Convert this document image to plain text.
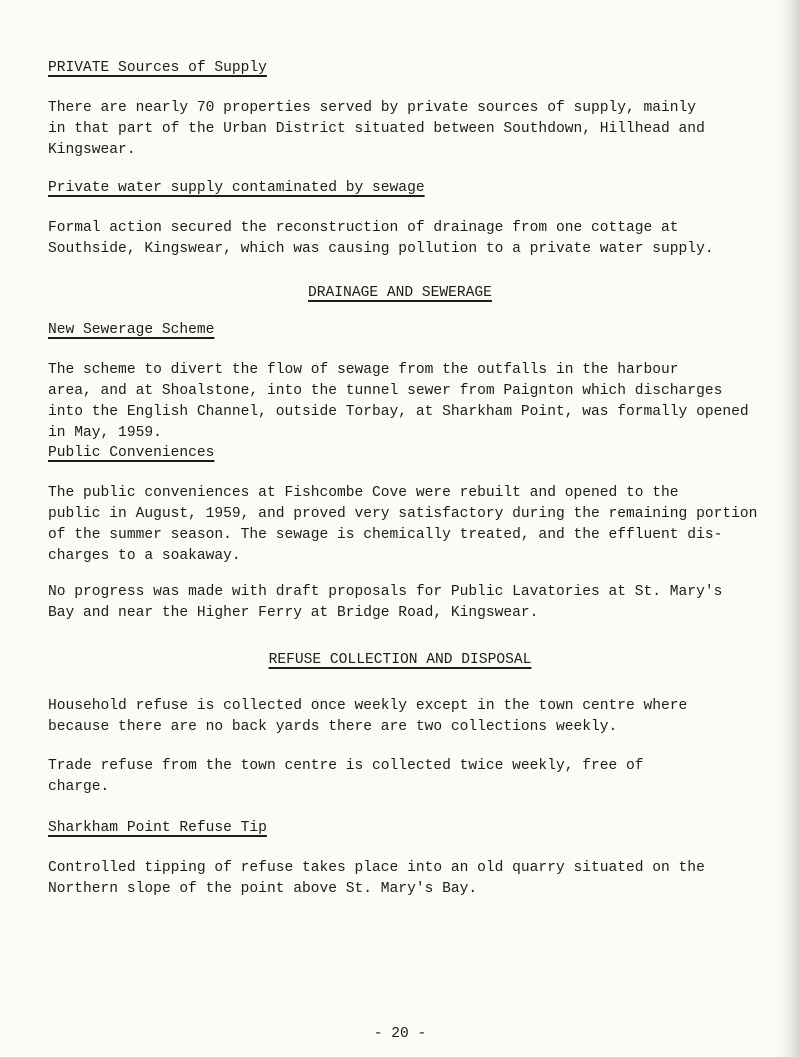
PRIVATE Sources of Supply

There are nearly 70 properties served by private sources of supply, mainly
in that part of the Urban District situated between Southdown, Hillhead and
Kingswear.

Private water supply contaminated by sewage

Formal action secured the reconstruction of drainage from one cottage at
Southside, Kingswear, which was causing pollution to a private water supply.

DRAINAGE AND SEWERAGE

New Sewerage Scheme

The scheme to divert the flow of sewage from the outfalls in the harbour
area, and at Shoalstone, into the tunnel sewer from Paignton which discharges
into the English Channel, outside Torbay, at Sharkham Point, was formally opened
in May, 1959.

Public Conveniences

The public conveniences at Fishcombe Cove were rebuilt and opened to the
public in August, 1959, and proved very satisfactory during the remaining portion
of the summer season. The sewage is chemically treated, and the effluent dis-
charges to a soakaway.

No progress was made with draft proposals for Public Lavatories at St. Mary's
Bay and near the Higher Ferry at Bridge Road, Kingswear.

REFUSE COLLECTION AND DISPOSAL

Household refuse is collected once weekly except in the town centre where
because there are no back yards there are two collections weekly.

Trade refuse from the town centre is collected twice weekly, free of
charge.

Sharkham Point Refuse Tip

Controlled tipping of refuse takes place into an old quarry situated on the
Northern slope of the point above St. Mary's Bay.

- 20 -
